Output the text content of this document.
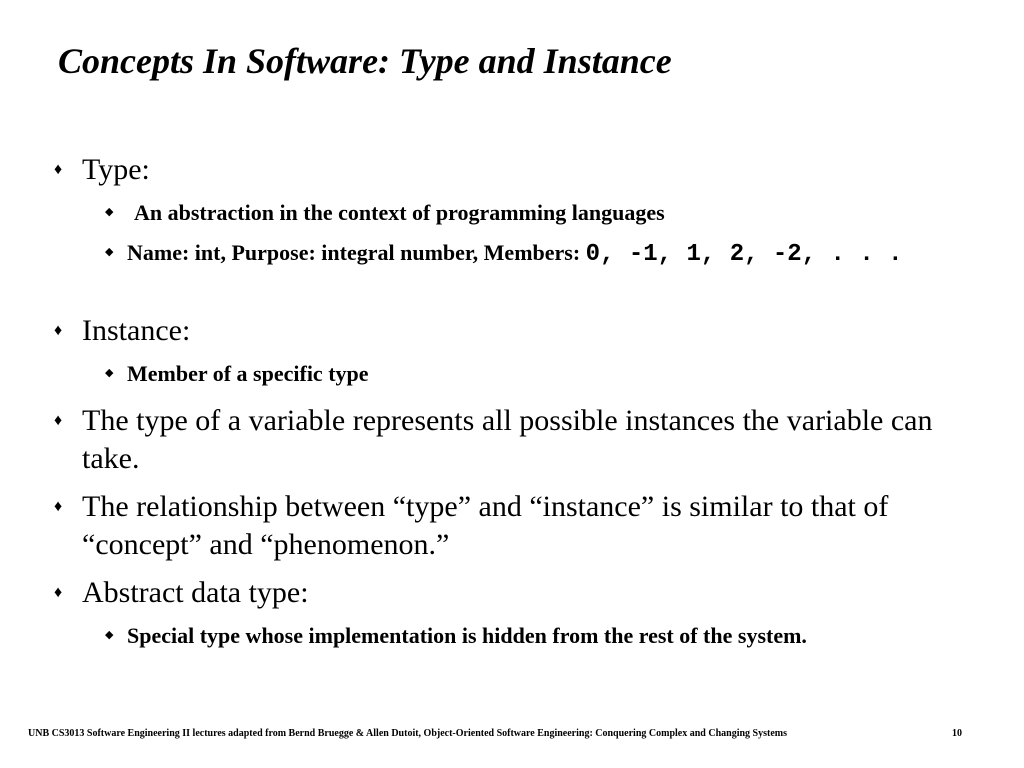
Concepts In Software: Type and Instance
♦ Type:
◆ An abstraction in the context of programming languages
◆ Name: int, Purpose: integral number, Members: 0, -1, 1, 2, -2, . . .
♦ Instance:
◆ Member of a specific type
♦ The type of a variable represents all possible instances the variable can take.
♦ The relationship between “type” and “instance” is similar to that of “concept” and “phenomenon.”
♦ Abstract data type:
◆ Special type whose implementation is hidden from the rest of the system.
UNB CS3013 Software Engineering II lectures adapted from Bernd Bruegge & Allen Dutoit, Object-Oriented Software Engineering: Conquering Complex and Changing Systems	10
